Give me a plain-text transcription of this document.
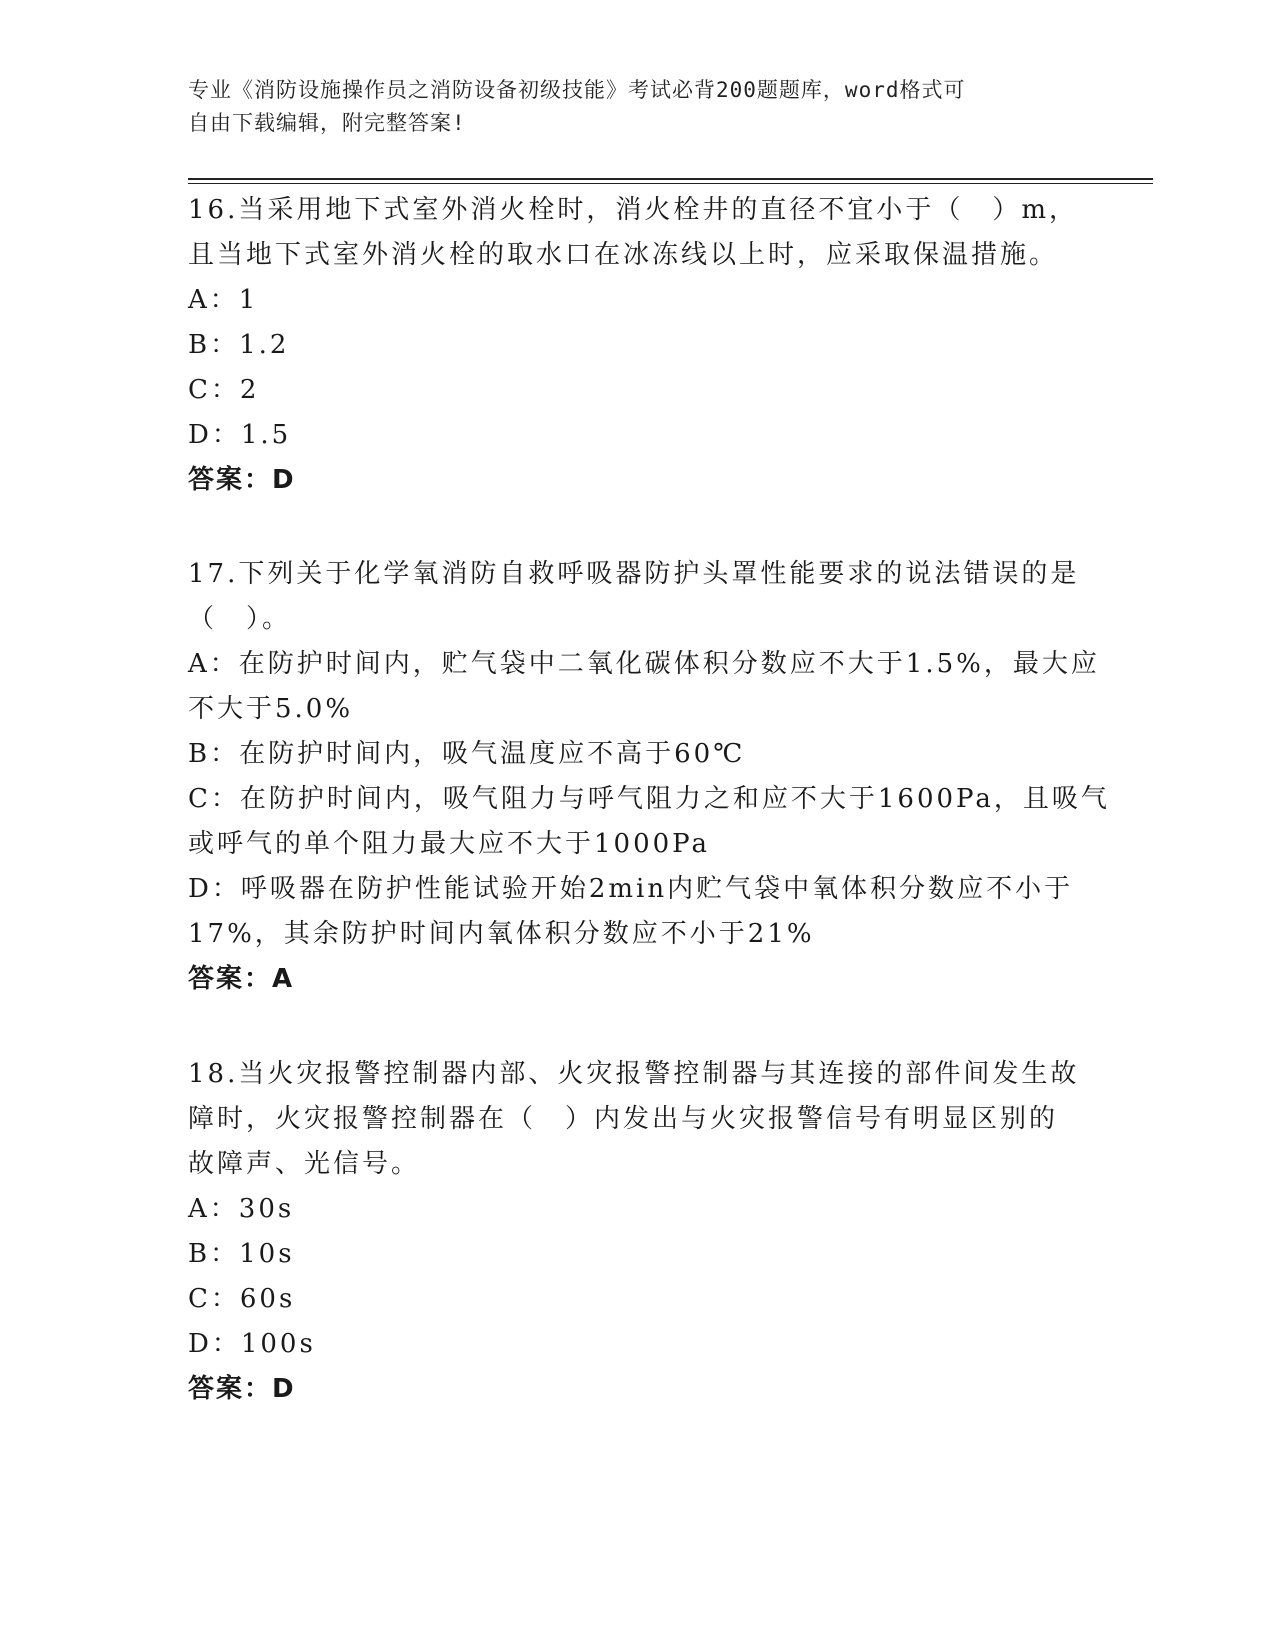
专业《消防设施操作员之消防设备初级技能》考试必背200题题库，word格式可
自由下载编辑，附完整答案!
16.当采用地下式室外消火栓时，消火栓井的直径不宜小于（　）m，
且当地下式室外消火栓的取水口在冰冻线以上时，应采取保温措施。
A：1
B：1.2
C：2
D：1.5
答案：D
17.下列关于化学氧消防自救呼吸器防护头罩性能要求的说法错误的是
（　）。
A：在防护时间内，贮气袋中二氧化碳体积分数应不大于1.5%，最大应
不大于5.0%
B：在防护时间内，吸气温度应不高于60℃
C：在防护时间内，吸气阻力与呼气阻力之和应不大于1600Pa，且吸气
或呼气的单个阻力最大应不大于1000Pa
D：呼吸器在防护性能试验开始2min内贮气袋中氧体积分数应不小于
17%，其余防护时间内氧体积分数应不小于21%
答案：A
18.当火灾报警控制器内部、火灾报警控制器与其连接的部件间发生故
障时，火灾报警控制器在（　）内发出与火灾报警信号有明显区别的
故障声、光信号。
A：30s
B：10s
C：60s
D：100s
答案：D
